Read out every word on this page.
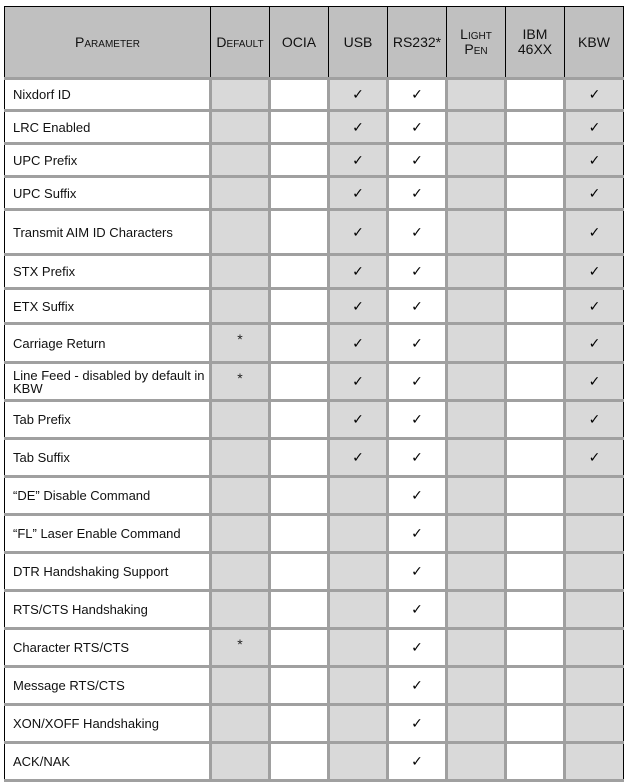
Parameter	Default	OCIA	USB	RS232*	Light Pen	IBM 46XX	KBW
Nixdorf ID			✓	✓			✓
LRC Enabled			✓	✓			✓
UPC Prefix			✓	✓			✓
UPC Suffix			✓	✓			✓
Transmit AIM ID Characters			✓	✓			✓
STX Prefix			✓	✓			✓
ETX Suffix			✓	✓			✓
Carriage Return	*		✓	✓			✓
Line Feed - disabled by default in KBW	*		✓	✓			✓
Tab Prefix			✓	✓			✓
Tab Suffix			✓	✓			✓
“DE” Disable Command				✓			
“FL” Laser Enable Command				✓			
DTR Handshaking Support				✓			
RTS/CTS Handshaking				✓			
Character RTS/CTS	*			✓			
Message RTS/CTS				✓			
XON/XOFF Handshaking				✓			
ACK/NAK				✓			
